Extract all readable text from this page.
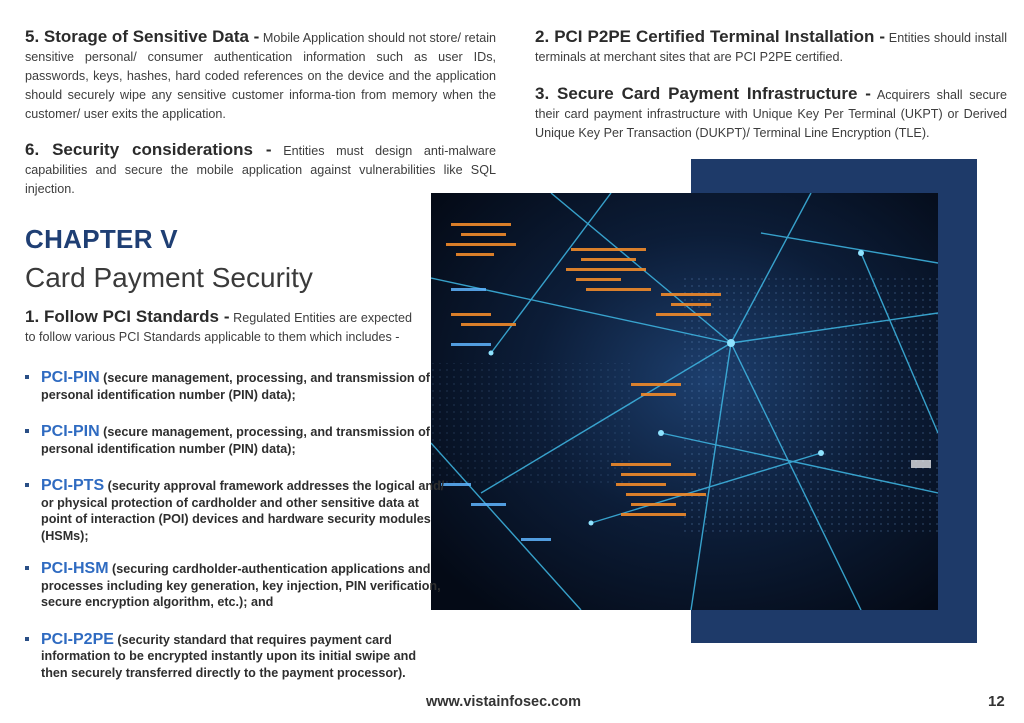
5. Storage of Sensitive Data - Mobile Application should not store/ retain sensitive personal/ consumer authentication information such as user IDs, passwords, keys, hashes, hard coded references on the device and the application should securely wipe any sensitive customer informa-tion from memory when the customer/ user exits the application.

6. Security considerations - Entities must design anti-malware capabilities and secure the mobile application against vulnerabilities like SQL injection.

2. PCI P2PE Certified Terminal Installation - Entities should install terminals at merchant sites that are PCI P2PE certified.

3. Secure Card Payment Infrastructure - Acquirers shall secure their card payment infrastructure with Unique Key Per Terminal (UKPT) or Derived Unique Key Per Transaction (DUKPT)/ Terminal Line Encryption (TLE).

CHAPTER V
Card Payment Security

1. Follow PCI Standards - Regulated Entities are expected to follow various PCI Standards applicable to them which includes -

PCI-PIN (secure management, processing, and transmission of personal identification number (PIN) data);
PCI-PIN (secure management, processing, and transmission of personal identification number (PIN) data);
PCI-PTS (security approval framework addresses the logical and/ or physical protection of cardholder and other sensitive data at point of interaction (POI) devices and hardware security modules (HSMs);
PCI-HSM (securing cardholder-authentication applications and processes including key generation, key injection, PIN verification, secure encryption algorithm, etc.); and
PCI-P2PE (security standard that requires payment card information to be encrypted instantly upon its initial swipe and then securely transferred directly to the payment processor).
www.vistainfosec.com	12
